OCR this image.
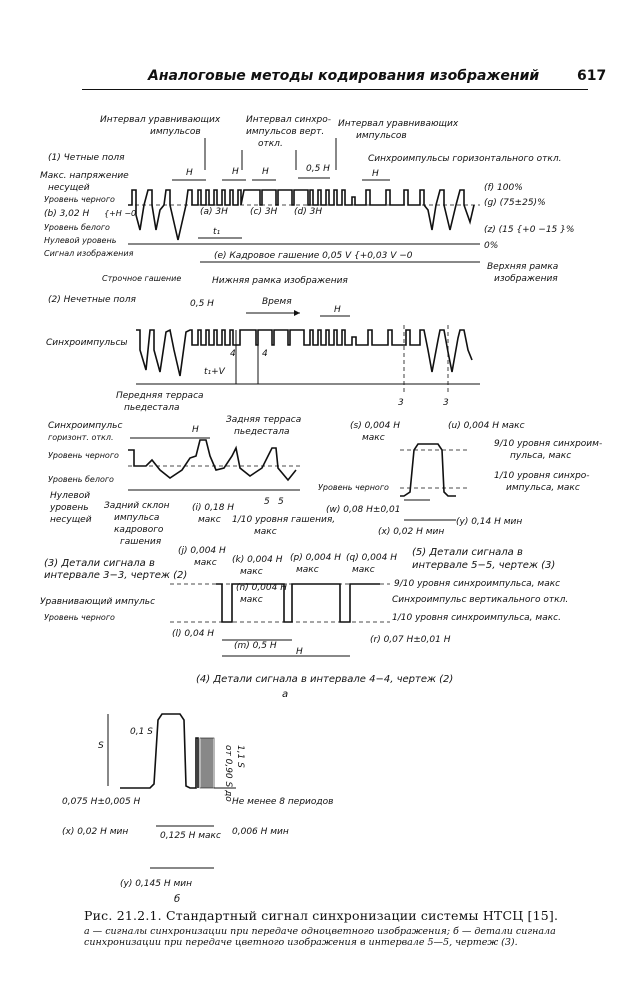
Аналоговые методы кодирования изображений	617
Интервал уравнивающих
импульсов
Интервал синхро-
импульсов верт.
откл.
Интервал уравнивающих
импульсов
(1) Четные поля	Синхроимпульсы горизонтального откл.
Макс. напряжение
несущей
Уровень черного
(b) 3,02 H {+H −0
Уровень белого
Нулевой уровень
Сигнал изображения
Строчное гашение
H	H	H	0,5 H	H
(a) 3H (c) 3H (d) 3H
t₁
(f) 100%
(g) (75±25)%
(z) (15 {+0 −15 }%
0%
(e) Кадровое гашение 0,05 V {+0,03 V −0
Нижняя рамка изображения
Верхняя рамка
изображения
(2) Нечетные поля	0,5 H	Время
H
Синхроимпульсы
t₁+V
4	4
3	3
Передняя терраса
пьедестала
Синхроимпульс
горизонт. откл.
Задняя терраса
пьедестала
H
Уровень черного
Уровень белого
Нулевой
уровень
несущей
Задний склон
импульса
кадрового
гашения
5 5
(i) 0,18 H
макс 1/10 уровня гашения,
макс
(3) Детали сигнала в
интервале 3−3, чертеж (2)
(s) 0,004 H
макс
(u) 0,004 H макс
9/10 уровня синхроим-
пульса, макс
1/10 уровня синхро-
импульса, макс
Уровень черного
(w) 0,08 H±0,01
(x) 0,02 H мин
(y) 0,14 H мин
(5) Детали сигнала в
интервале 5−5, чертеж (3)
(j) 0,004 H
макс (k) 0,004 H
макс
(p) 0,004 H
макс
(q) 0,004 H
макс
(n) 0,004 H
макс
Уравнивающий импульс
Уровень черного
(l) 0,04 H
(m) 0,5 H
H
(r) 0,07 H±0,01 H
9/10 уровня синхроимпульса, макс
Синхроимпульс вертикального откл.
1/10 уровня синхроимпульса, макс.
(4) Детали сигнала в интервале 4−4, чертеж (2)
а
S
0,1 S
от 0,90 S до 1,1 S
0,075 H±0,005 H	Не менее 8 периодов
(x) 0,02 H мин	0,125 H макс 0,006 H мин
(y) 0,145 H мин
б
Рис. 21.2.1. Стандартный сигнал синхронизации системы НТСЦ [15].
а — сигналы синхронизации при передаче одноцветного изображения; б — детали сигнала синхронизации при передаче цветного изображения в интервале 5—5, чертеж (3).
